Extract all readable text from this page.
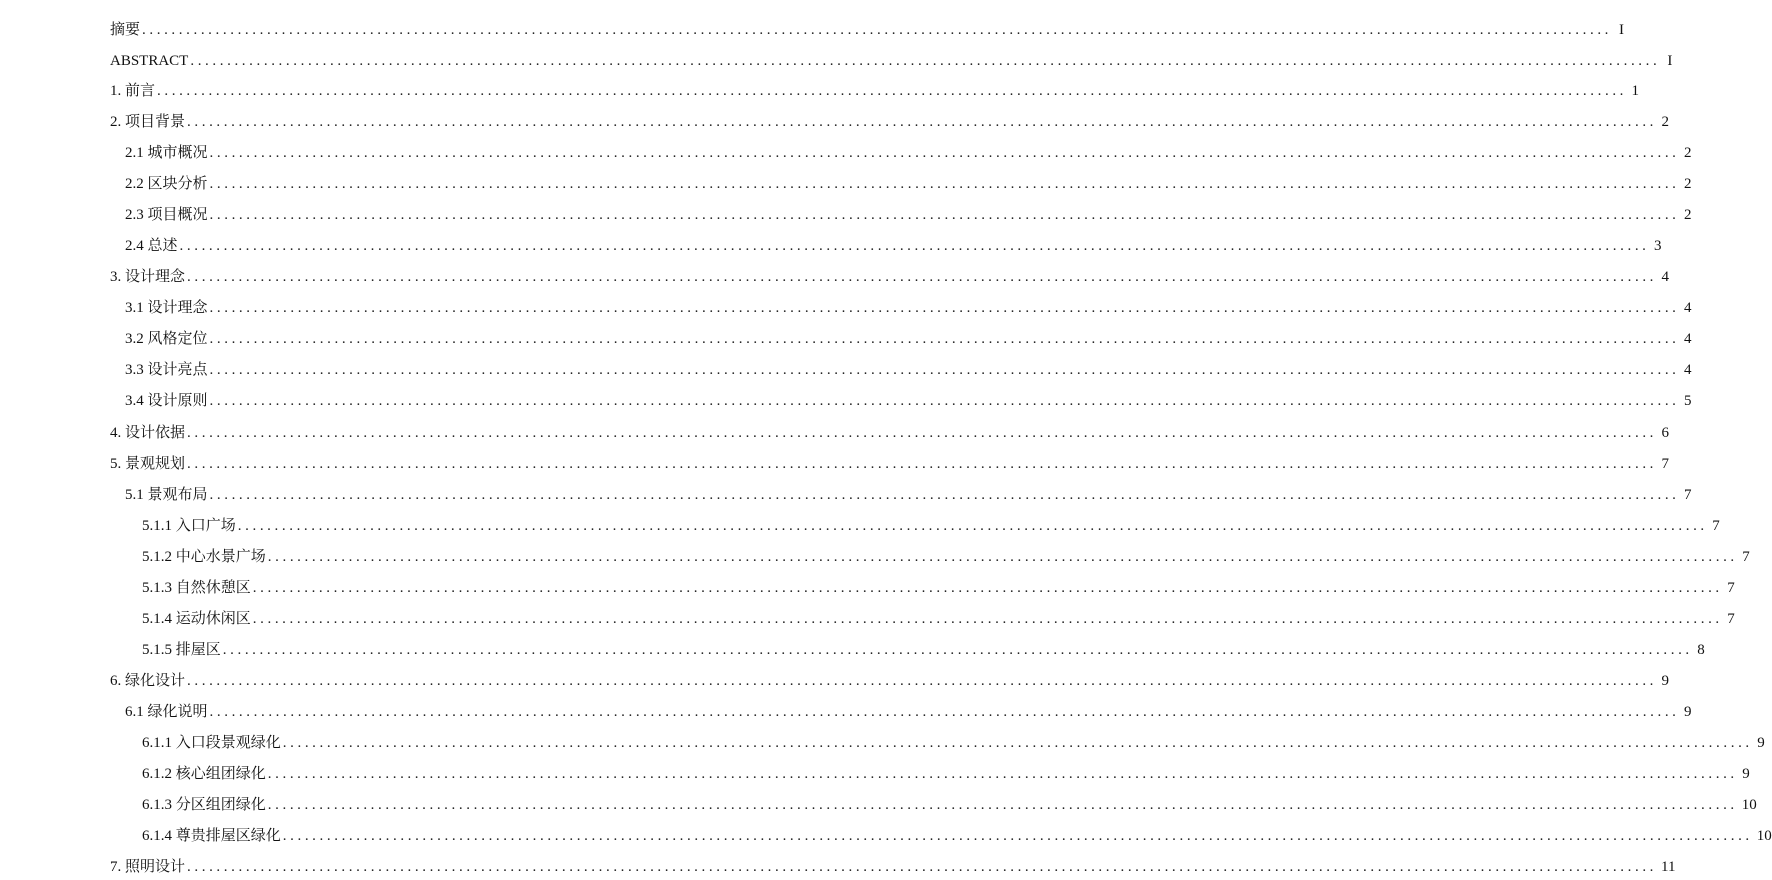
摘要 ........................................................................................................................................................................................................ I
ABSTRACT ........................................................................................................................................................................................................ I
1. 前言 ........................................................................................................................................................................................................ 1
2. 项目背景 ........................................................................................................................................................................................................ 2
2.1 城市概况 ........................................................................................................................................................................................................ 2
2.2 区块分析 ........................................................................................................................................................................................................ 2
2.3 项目概况 ........................................................................................................................................................................................................ 2
2.4 总述 ........................................................................................................................................................................................................ 3
3. 设计理念 ........................................................................................................................................................................................................ 4
3.1 设计理念 ........................................................................................................................................................................................................ 4
3.2 风格定位 ........................................................................................................................................................................................................ 4
3.3 设计亮点 ........................................................................................................................................................................................................ 4
3.4 设计原则 ........................................................................................................................................................................................................ 5
4. 设计依据 ........................................................................................................................................................................................................ 6
5. 景观规划 ........................................................................................................................................................................................................ 7
5.1 景观布局 ........................................................................................................................................................................................................ 7
5.1.1 入口广场 ........................................................................................................................................................................................................ 7
5.1.2 中心水景广场 ........................................................................................................................................................................................................ 7
5.1.3 自然休憩区 ........................................................................................................................................................................................................ 7
5.1.4 运动休闲区 ........................................................................................................................................................................................................ 7
5.1.5 排屋区 ........................................................................................................................................................................................................ 8
6. 绿化设计 ........................................................................................................................................................................................................ 9
6.1 绿化说明 ........................................................................................................................................................................................................ 9
6.1.1 入口段景观绿化 ........................................................................................................................................................................................................ 9
6.1.2 核心组团绿化 ........................................................................................................................................................................................................ 9
6.1.3 分区组团绿化 ........................................................................................................................................................................................................ 10
6.1.4 尊贵排屋区绿化 ........................................................................................................................................................................................................ 10
7. 照明设计 ........................................................................................................................................................................................................ 11
